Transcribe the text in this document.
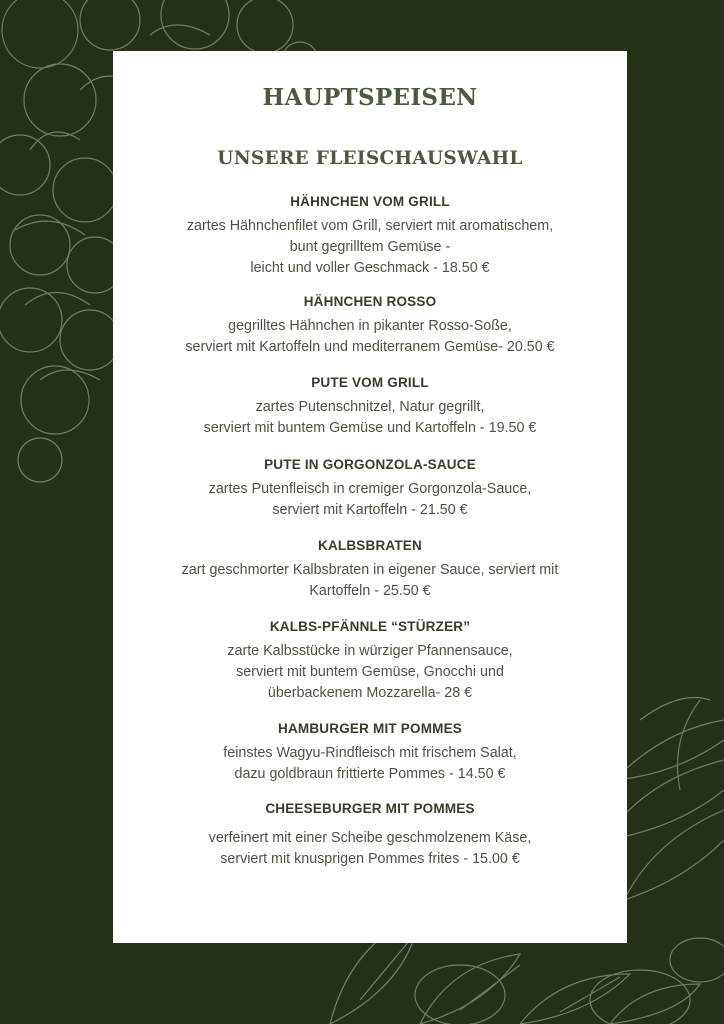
HAUPTSPEISEN
UNSERE FLEISCHAUSWAHL

HÄHNCHEN VOM GRILL

zartes Hähnchenfilet vom Grill, serviert mit aromatischem,
bunt gegrilltem Gemüse -
leicht und voller Geschmack - 18.50 €

HÄHNCHEN ROSSO

gegrilltes Hähnchen in pikanter Rosso-Soße,
serviert mit Kartoffeln und mediterranem Gemüse- 20.50 €

PUTE VOM GRILL

zartes Putenschnitzel, Natur gegrillt,
serviert mit buntem Gemüse und Kartoffeln - 19.50 €

PUTE IN GORGONZOLA-SAUCE

zartes Putenfleisch in cremiger Gorgonzola-Sauce,
serviert mit Kartoffeln - 21.50 €

KALBSBRATEN

zart geschmorter Kalbsbraten in eigener Sauce, serviert mit
Kartoffeln - 25.50 €

KALBS-PFÄNNLE “STÜRZER”

zarte Kalbsstücke in würziger Pfannensauce,
serviert mit buntem Gemüse, Gnocchi und
überbackenem Mozzarella- 28 €

HAMBURGER MIT POMMES

feinstes Wagyu-Rindfleisch mit frischem Salat,
dazu goldbraun frittierte Pommes - 14.50 €

CHEESEBURGER MIT POMMES

verfeinert mit einer Scheibe geschmolzenem Käse,
serviert mit knusprigen Pommes frites - 15.00 €
